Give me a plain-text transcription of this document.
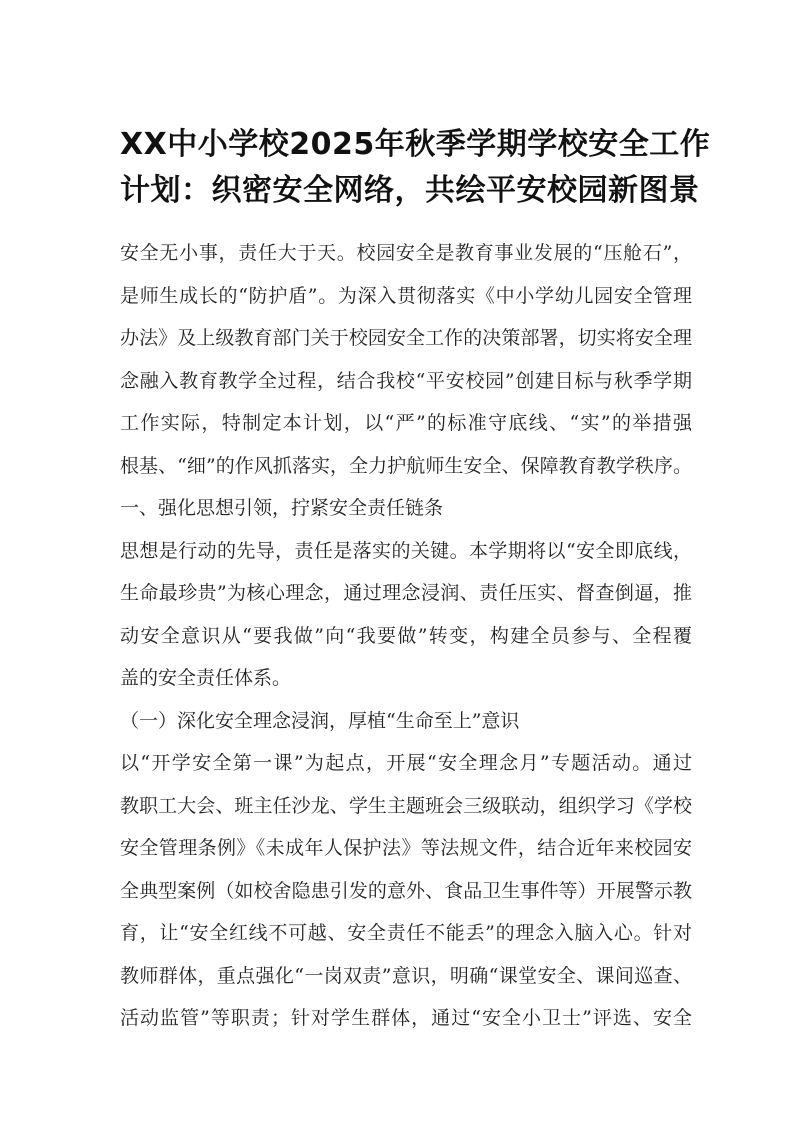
XX中小学校2025年秋季学期学校安全工作
计划：织密安全网络，共绘平安校园新图景
安全无小事，责任大于天。校园安全是教育事业发展的“压舱石”，
是师生成长的“防护盾”。为深入贯彻落实《中小学幼儿园安全管理
办法》及上级教育部门关于校园安全工作的决策部署，切实将安全理
念融入教育教学全过程，结合我校“平安校园”创建目标与秋季学期
工作实际，特制定本计划，以“严”的标准守底线、“实”的举措强
根基、“细”的作风抓落实，全力护航师生安全、保障教育教学秩序。
一、强化思想引领，拧紧安全责任链条
思想是行动的先导，责任是落实的关键。本学期将以“安全即底线，
生命最珍贵”为核心理念，通过理念浸润、责任压实、督查倒逼，推
动安全意识从“要我做”向“我要做”转变，构建全员参与、全程覆
盖的安全责任体系。
（一）深化安全理念浸润，厚植“生命至上”意识
以“开学安全第一课”为起点，开展“安全理念月”专题活动。通过
教职工大会、班主任沙龙、学生主题班会三级联动，组织学习《学校
安全管理条例》《未成年人保护法》等法规文件，结合近年来校园安
全典型案例（如校舍隐患引发的意外、食品卫生事件等）开展警示教
育，让“安全红线不可越、安全责任不能丢”的理念入脑入心。针对
教师群体，重点强化“一岗双责”意识，明确“课堂安全、课间巡查、
活动监管”等职责；针对学生群体，通过“安全小卫士”评选、安全
